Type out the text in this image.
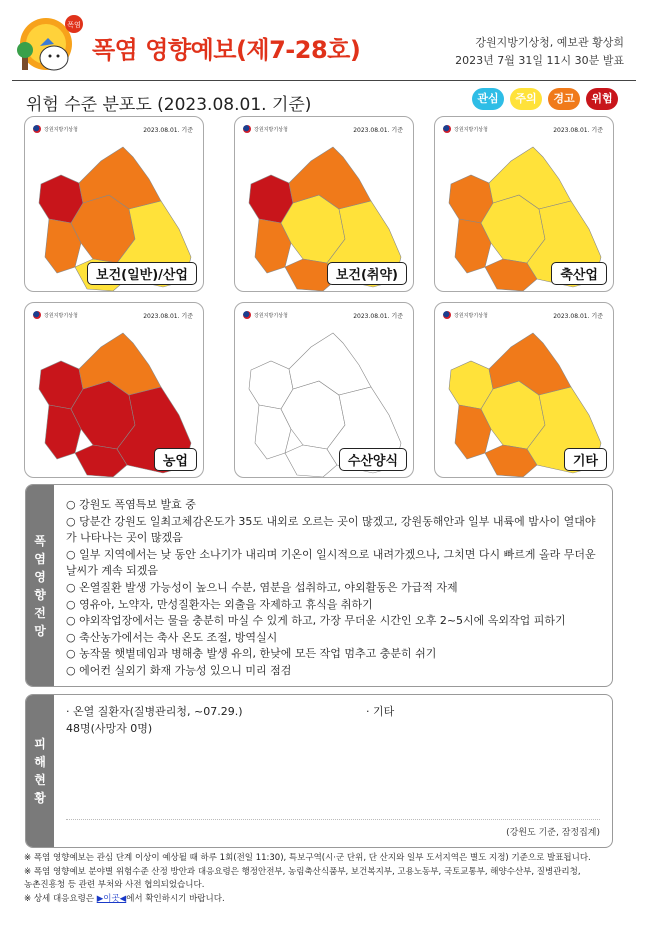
폭염
폭염 영향예보(제7-28호)	강원지방기상청, 예보관 황상희
2023년 7월 31일 11시 30분 발표
위험 수준 분포도 (2023.08.01. 기준)	관심	주의	경고	위험
강원지방기상청	2023.08.01. 기준
보건(일반)/산업
강원지방기상청	2023.08.01. 기준
보건(취약)
강원지방기상청	2023.08.01. 기준
축산업
강원지방기상청	2023.08.01. 기준
농업
강원지방기상청	2023.08.01. 기준
수산양식
강원지방기상청	2023.08.01. 기준
기타
폭염영향전망
○ 강원도 폭염특보 발효 중
○ 당분간 강원도 일최고체감온도가 35도 내외로 오르는 곳이 많겠고, 강원동해안과 일부 내륙에 밤사이 열대야가 나타나는 곳이 많겠음
○ 일부 지역에서는 낮 동안 소나기가 내리며 기온이 일시적으로 내려가겠으나, 그치면 다시 빠르게 올라 무더운 날씨가 계속 되겠음
○ 온열질환 발생 가능성이 높으니 수분, 염분을 섭취하고, 야외활동은 가급적 자제
○ 영유아, 노약자, 만성질환자는 외출을 자제하고 휴식을 취하기
○ 야외작업장에서는 물을 충분히 마실 수 있게 하고, 가장 무더운 시간인 오후 2~5시에 옥외작업 피하기
○ 축산농가에서는 축사 온도 조절, 방역실시
○ 농작물 햇볕데임과 병해충 발생 유의, 한낮에 모든 작업 멈추고 충분히 쉬기
○ 에어컨 실외기 화재 가능성 있으니 미리 점검
피해현황
· 온열 질환자(질병관리청, ~07.29.)
48명(사망자 0명)
· 기타
(강원도 기준, 잠정집계)
※ 폭염 영향예보는 관심 단계 이상이 예상될 때 하루 1회(전일 11:30), 특보구역(시·군 단위, 단 산지와 일부 도서지역은 별도 지정) 기준으로 발표됩니다.
※ 폭염 영향예보 분야별 위험수준 산정 방안과 대응요령은 행정안전부, 농림축산식품부, 보건복지부, 고용노동부, 국토교통부, 해양수산부, 질병관리청,
농촌진흥청 등 관련 부처와 사전 협의되었습니다.
※ 상세 대응요령은 ▶이곳◀에서 확인하시기 바랍니다.
